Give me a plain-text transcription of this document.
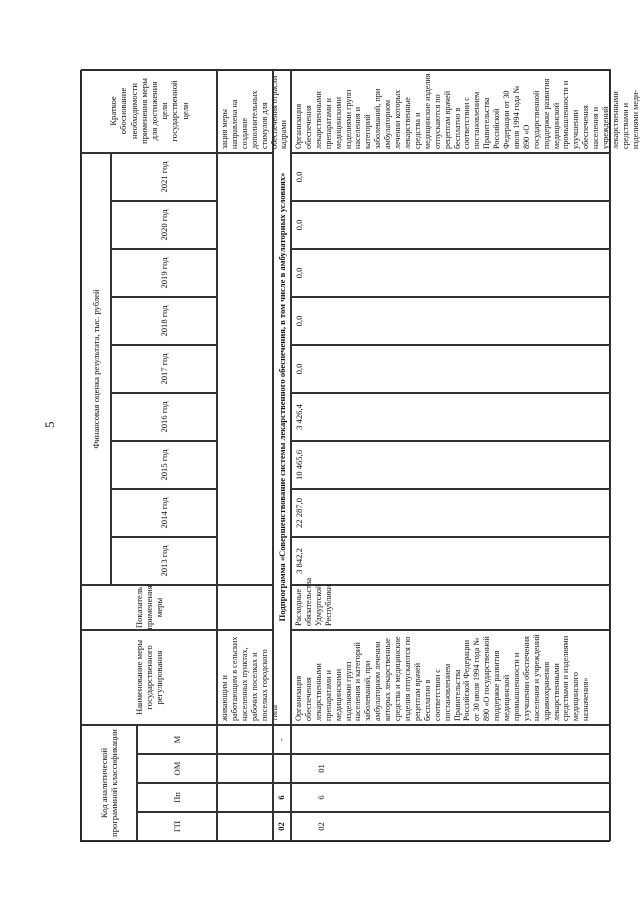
5
Код аналитической программной классификации	ГП
Пп
ОМ
М
Наименование меры государственного регулирования
Показатель применения меры
Финансовая оценка результата, тыс. рублей
2013 год
2014 год
2015 год
2016 год
2017 год
2018 год
2019 год
2020 год
2021 год
Краткое обоснование необходимости применения меры для достижения цели государственной цели
живающим и работающим в сельских населенных пунктах, рабочих поселках и поселках городского типа
зация меры направлена на создание дополнительных стимулов для обеспечения отрасли кадрами
02
6
-
Подпрограмма «Совершенствование системы лекарственного обеспечения, в том числе в амбулаторных условиях»
02
6
01
Организация обеспечения лекарственными препаратами и медицинскими изделиями групп населения и категорий заболеваний, при амбулаторном лечении которых лекарственные средства и медицинские изделия отпускаются по рецептам врачей бесплатно в соответствии с постановлением Правительства Российской Федерации от 30 июля 1994 года № 890 «О государственной поддержке развития медицинской промышленности и улучшении обеспечения населения и учреждений здравоохранения лекарственными средствами и изделиями медицинского назначения»
Расходные обязательства Удмуртской Республики
3 842,2
22 287,0
10 465,6
3 426,4
0,0
0,0
0,0
0,0
0,0
Организация обеспечения лекарственными препаратами и медицинскими изделиями групп населения и категорий заболеваний, при амбулаторном лечении которых лекарственные средства и медицинские изделия отпускаются по рецептам врачей бесплатно в соответствии с постановлением Правительства Российской Федерации от 30 июля 1994 года № 890 «О государственной поддержке развития медицинской промышленности и улучшении обеспечения населения и учреждений лекарственными средствами и изделиями меди-
